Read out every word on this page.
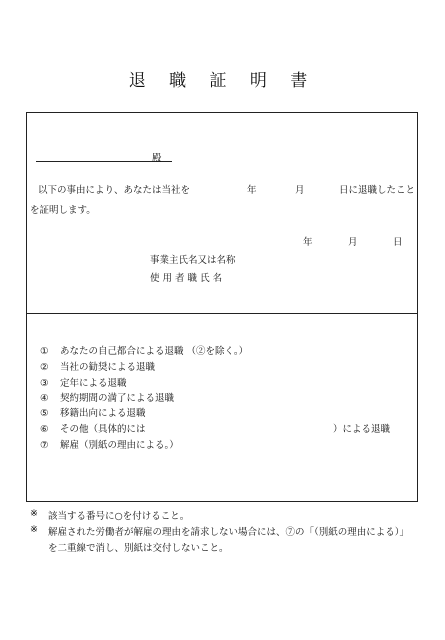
退 職 証 明 書
殿
以下の事由により、あなたは当社を	年	月	日に退職したこと
を証明します。
年	月	日
事業主氏名又は名称
使 用 者 職 氏 名
① あなたの自己都合による退職 （②を除く。）
② 当社の勧奨による退職
③ 定年による退職
④ 契約期間の満了による退職
⑤ 移籍出向による退職
⑥ その他（具体的には	）による退職
⑦ 解雇（別紙の理由による。）
※ 該当する番号に○を付けること。
※ 解雇された労働者が解雇の理由を請求しない場合には、⑦の「（別紙の理由による）」
を二重線で消し、別紙は交付しないこと。
